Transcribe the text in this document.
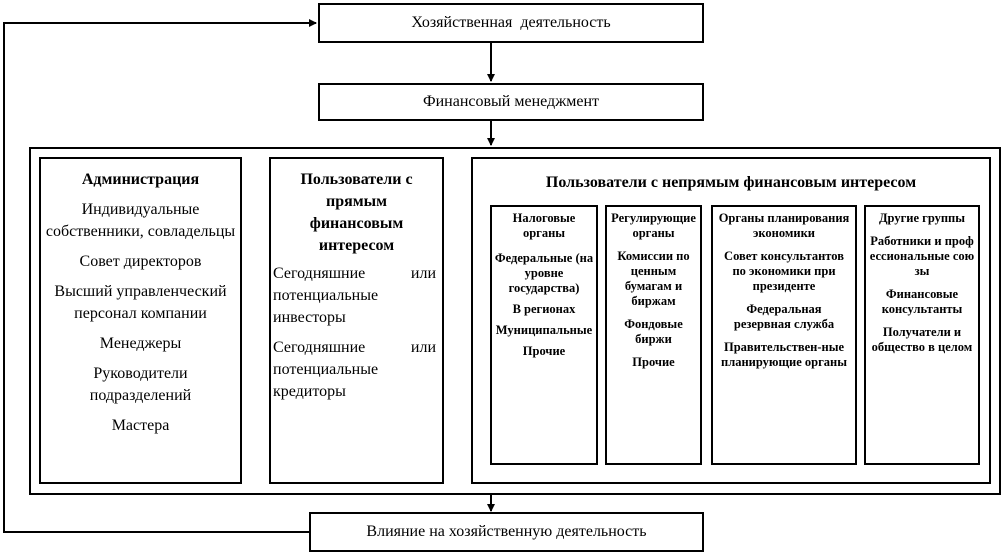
Хозяйственная  деятельность
Финансовый менеджмент
Администрация
Индивидуальные собственники, совладельцы
Совет директоров
Высший управленческий персонал компании
Менеджеры
Руководители подразделений
Мастера
Пользователи с прямым финансовым интересом

Сегодняшние или потенциальные инвесторы

Сегодняшние или потенциальные кредиторы

Пользователи с непрямым финансовым интересом
Налоговые органы
Федеральные (на уровне государства)
В регионах
Муниципальные
Прочие
Регулирующие органы
Комиссии по ценным бумагам и биржам
Фондовые биржи
Прочие
Органы планирования экономики
Совет консультантов по экономики при президенте
Федеральная резервная служба
Правительствен-ные планирующие органы
Другие группы
Работники и профессиональные союзы
Финансовые консультанты
Получатели и общество в целом
Влияние на хозяйственную деятельность
